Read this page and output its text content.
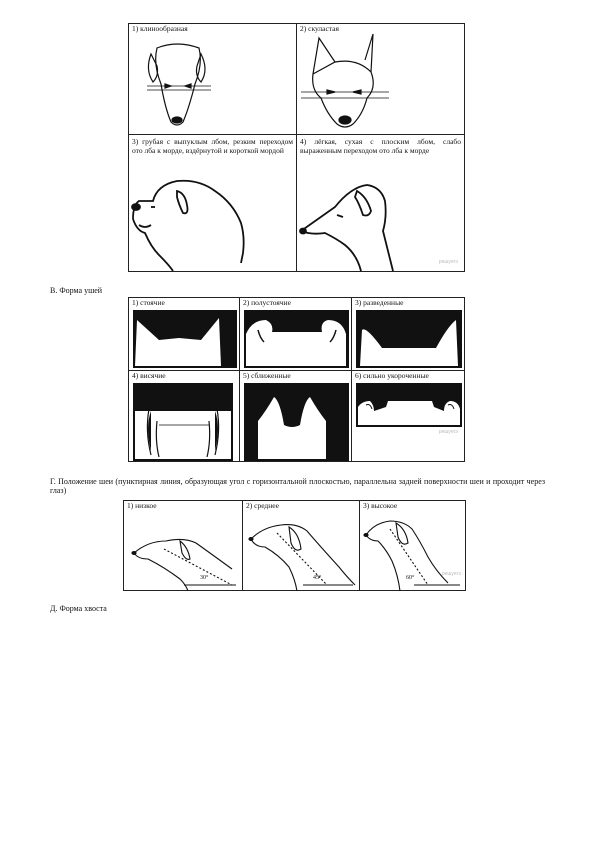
1) клинообразная	2) скуластая
3) грубая с выпуклым лбом, резким переходом ото лба к морде, вздёрнутой и короткой мордой
4) лёгкая, сухая с плоским лбом, слабо выраженным переходом ото лба к морде
решуегэ
В. Форма ушей
1) стоячие	2) полустоячие	3) разведенные
4) висячие	5) сближенные	6) сильно укороченные
решуегэ
Г. Положение шеи (пунктирная линия, образующая угол с горизонтальной плоскостью, параллельна задней поверхности шеи и проходит через глаз)
1) низкое
30°
2) среднее
45°
3) высокое
60°
решуегэ
Д. Форма хвоста
